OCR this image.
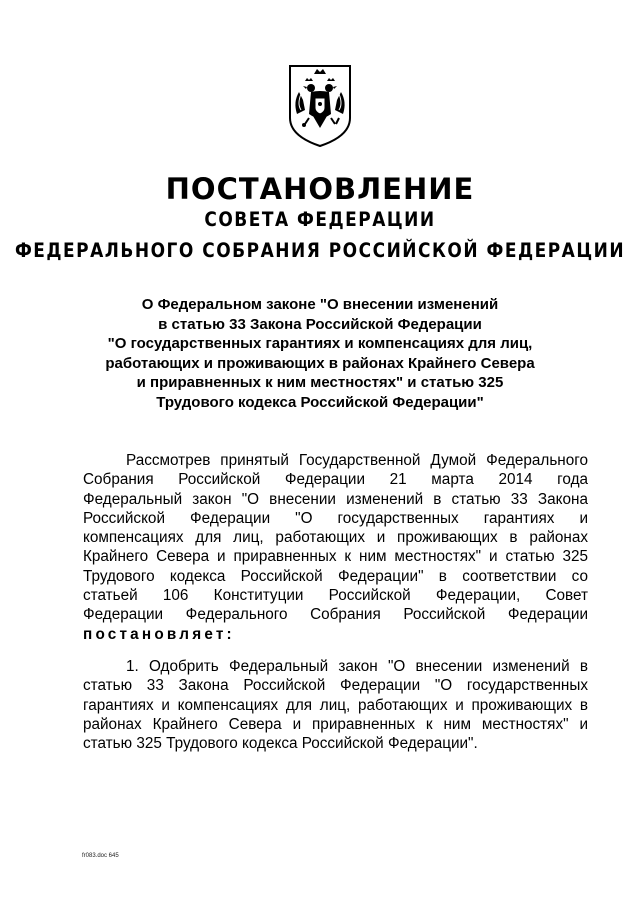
ПОСТАНОВЛЕНИЕ
СОВЕТА ФЕДЕРАЦИИ
ФЕДЕРАЛЬНОГО СОБРАНИЯ РОССИЙСКОЙ ФЕДЕРАЦИИ
О Федеральном законе "О внесении изменений
в статью 33 Закона Российской Федерации
"О государственных гарантиях и компенсациях для лиц,
работающих и проживающих в районах Крайнего Севера
и приравненных к ним местностях" и статью 325
Трудового кодекса Российской Федерации"
Рассмотрев принятый Государственной Думой Федерального
Собрания Российской Федерации 21 марта 2014 года
Федеральный закон "О внесении изменений в статью 33 Закона
Российской Федерации "О государственных гарантиях и
компенсациях для лиц, работающих и проживающих в районах
Крайнего Севера и приравненных к ним местностях" и статью 325
Трудового кодекса Российской Федерации" в соответствии со
статьей 106 Конституции Российской Федерации, Совет
Федерации Федерального Собрания Российской Федерации
постановляет:
1. Одобрить Федеральный закон "О внесении изменений в
статью 33 Закона Российской Федерации "О государственных
гарантиях и компенсациях для лиц, работающих и проживающих в
районах Крайнего Севера и приравненных к ним местностях" и
статью 325 Трудового кодекса Российской Федерации".
fr083.doc 645
